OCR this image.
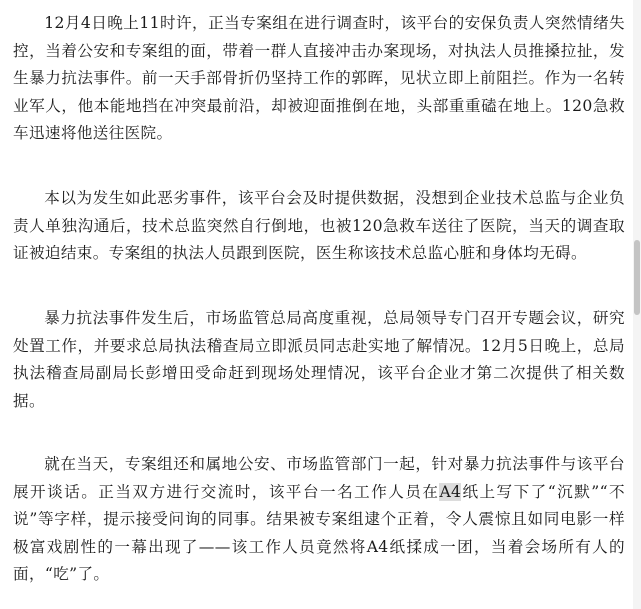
12月4日晚上11时许，正当专案组在进行调查时，该平台的安保负责人突然情绪失控，当着公安和专案组的面，带着一群人直接冲击办案现场，对执法人员推搡拉扯，发生暴力抗法事件。前一天手部骨折仍坚持工作的郭晖，见状立即上前阻拦。作为一名转业军人，他本能地挡在冲突最前沿，却被迎面推倒在地，头部重重磕在地上。120急救车迅速将他送往医院。

本以为发生如此恶劣事件，该平台会及时提供数据，没想到企业技术总监与企业负责人单独沟通后，技术总监突然自行倒地，也被120急救车送往了医院，当天的调查取证被迫结束。专案组的执法人员跟到医院，医生称该技术总监心脏和身体均无碍。

暴力抗法事件发生后，市场监管总局高度重视，总局领导专门召开专题会议，研究处置工作，并要求总局执法稽查局立即派员同志赴实地了解情况。12月5日晚上，总局执法稽查局副局长彭增田受命赶到现场处理情况，该平台企业才第二次提供了相关数据。

就在当天，专案组还和属地公安、市场监管部门一起，针对暴力抗法事件与该平台展开谈话。正当双方进行交流时，该平台一名工作人员在A4纸上写下了“沉默”“不说”等字样，提示接受问询的同事。结果被专案组逮个正着，令人震惊且如同电影一样极富戏剧性的一幕出现了——该工作人员竟然将A4纸揉成一团，当着会场所有人的面，“吃”了。
